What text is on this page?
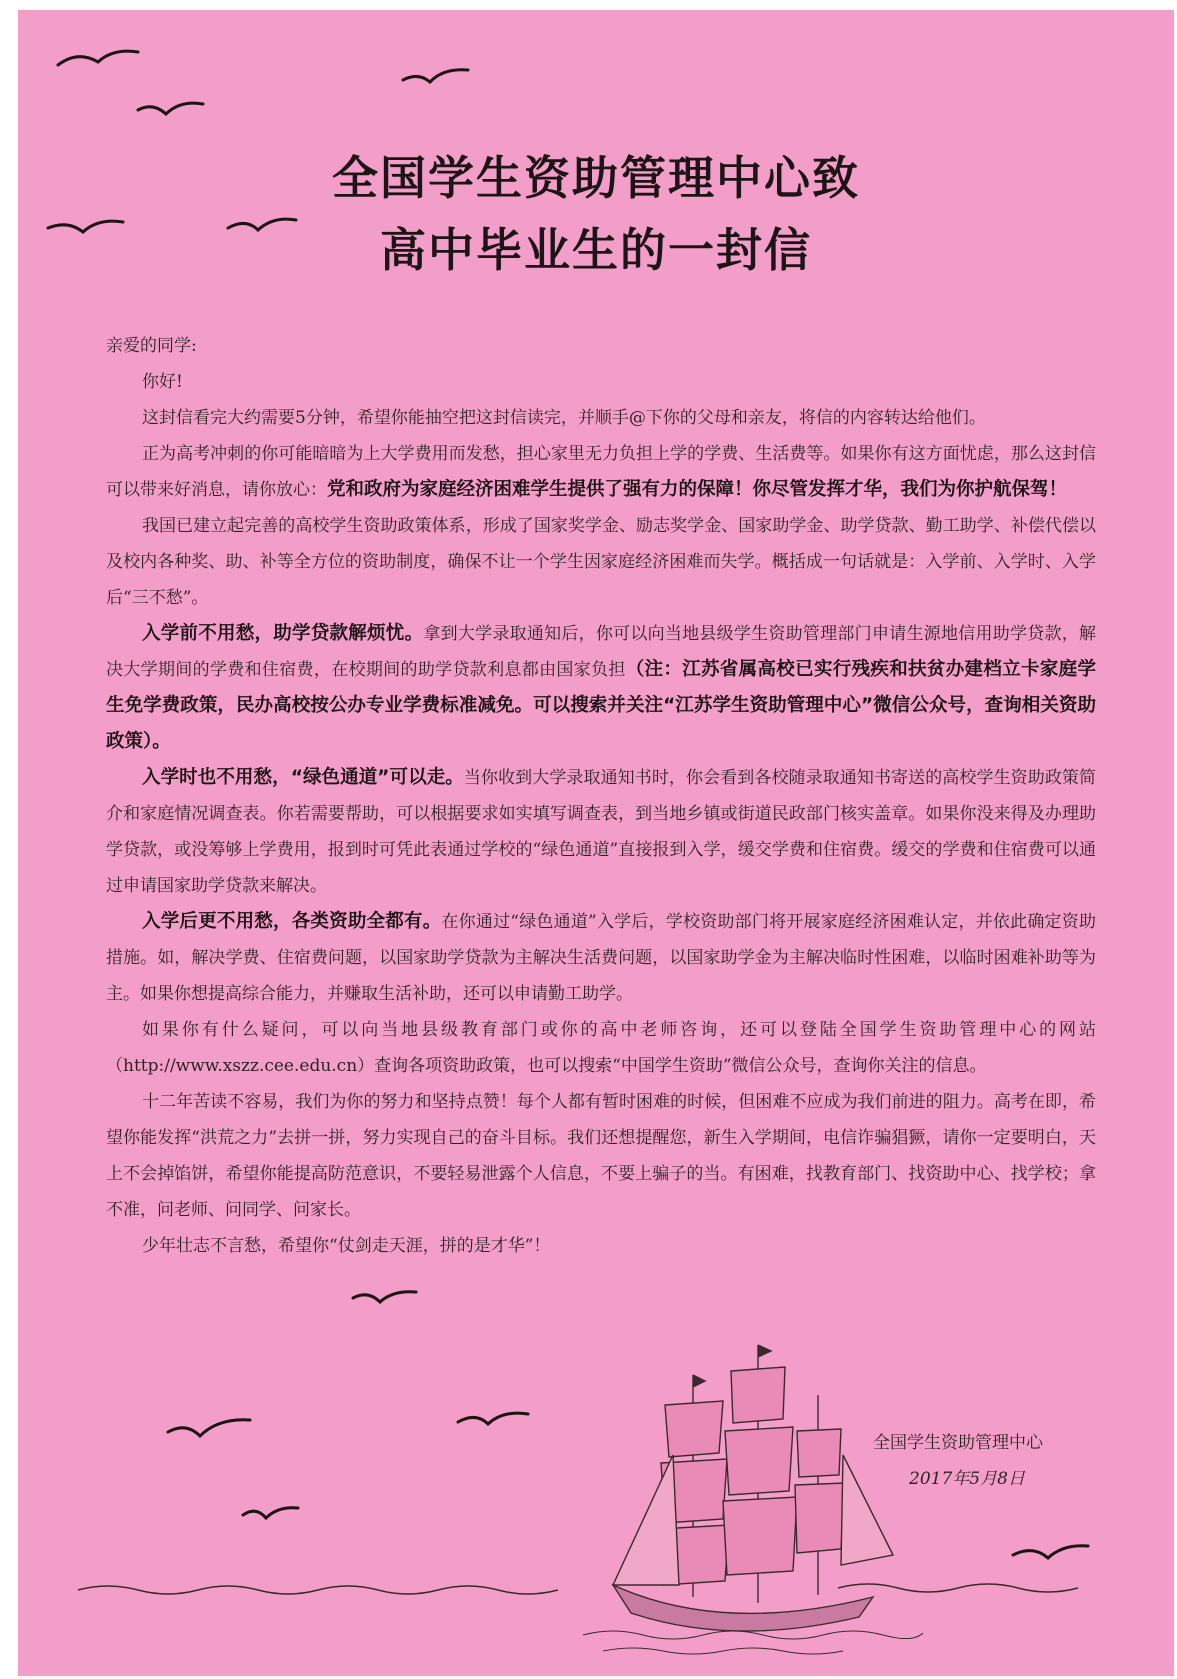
全国学生资助管理中心致
高中毕业生的一封信

亲爱的同学:

你好!

这封信看完大约需要5分钟，希望你能抽空把这封信读完，并顺手@下你的父母和亲友，将信的内容转达给他们。

正为高考冲刺的你可能暗暗为上大学费用而发愁，担心家里无力负担上学的学费、生活费等。如果你有这方面忧虑，那么这封信可以带来好消息，请你放心：党和政府为家庭经济困难学生提供了强有力的保障！你尽管发挥才华，我们为你护航保驾！

我国已建立起完善的高校学生资助政策体系，形成了国家奖学金、励志奖学金、国家助学金、助学贷款、勤工助学、补偿代偿以及校内各种奖、助、补等全方位的资助制度，确保不让一个学生因家庭经济困难而失学。概括成一句话就是：入学前、入学时、入学后“三不愁”。

入学前不用愁，助学贷款解烦忧。拿到大学录取通知后，你可以向当地县级学生资助管理部门申请生源地信用助学贷款，解决大学期间的学费和住宿费，在校期间的助学贷款利息都由国家负担（注：江苏省属高校已实行残疾和扶贫办建档立卡家庭学生免学费政策，民办高校按公办专业学费标准减免。可以搜索并关注“江苏学生资助管理中心”微信公众号，查询相关资助政策）。

入学时也不用愁，“绿色通道”可以走。当你收到大学录取通知书时，你会看到各校随录取通知书寄送的高校学生资助政策简介和家庭情况调查表。你若需要帮助，可以根据要求如实填写调查表，到当地乡镇或街道民政部门核实盖章。如果你没来得及办理助学贷款，或没筹够上学费用，报到时可凭此表通过学校的“绿色通道”直接报到入学，缓交学费和住宿费。缓交的学费和住宿费可以通过申请国家助学贷款来解决。

入学后更不用愁，各类资助全都有。在你通过“绿色通道”入学后，学校资助部门将开展家庭经济困难认定，并依此确定资助措施。如，解决学费、住宿费问题，以国家助学贷款为主解决生活费问题，以国家助学金为主解决临时性困难，以临时困难补助等为主。如果你想提高综合能力，并赚取生活补助，还可以申请勤工助学。

如果你有什么疑问，可以向当地县级教育部门或你的高中老师咨询，还可以登陆全国学生资助管理中心的网站（http://www.xszz.cee.edu.cn）查询各项资助政策，也可以搜索“中国学生资助”微信公众号，查询你关注的信息。

十二年苦读不容易，我们为你的努力和坚持点赞！每个人都有暂时困难的时候，但困难不应成为我们前进的阻力。高考在即，希望你能发挥“洪荒之力”去拼一拼，努力实现自己的奋斗目标。我们还想提醒您，新生入学期间，电信诈骗猖獗，请你一定要明白，天上不会掉馅饼，希望你能提高防范意识，不要轻易泄露个人信息，不要上骗子的当。有困难，找教育部门、找资助中心、找学校；拿不准，问老师、问同学、问家长。

少年壮志不言愁，希望你“仗剑走天涯，拼的是才华”！

全国学生资助管理中心
2017年5月8日
